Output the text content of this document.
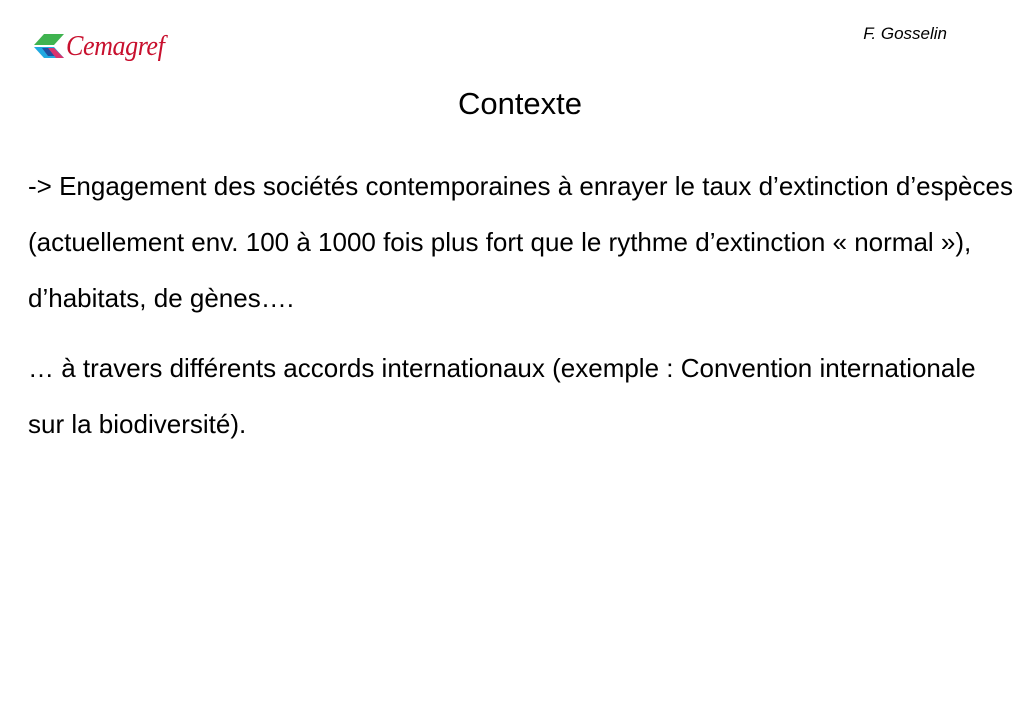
Cemagref	F. Gosselin
Contexte

-> Engagement des sociétés contemporaines à enrayer le taux d’extinction d’espèces (actuellement env. 100 à 1000 fois plus fort que le rythme d’extinction « normal »), d’habitats, de gènes….

… à travers différents accords internationaux (exemple : Convention internationale sur la biodiversité).
